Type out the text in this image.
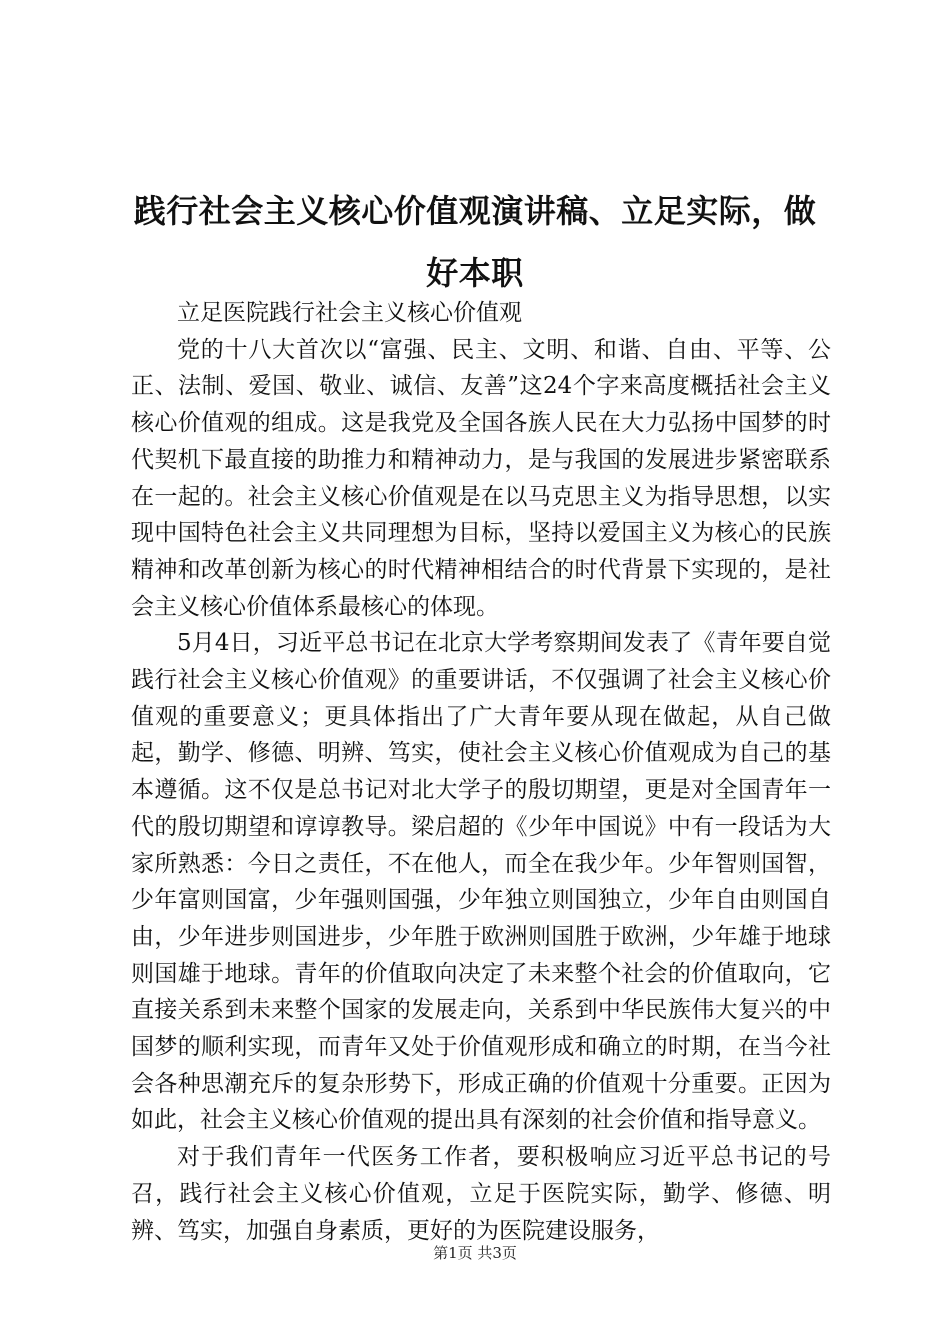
践行社会主义核心价值观演讲稿、立足实际，做好本职

立足医院践行社会主义核心价值观

党的十八大首次以“富强、民主、文明、和谐、自由、平等、公正、法制、爱国、敬业、诚信、友善”这24个字来高度概括社会主义核心价值观的组成。这是我党及全国各族人民在大力弘扬中国梦的时代契机下最直接的助推力和精神动力，是与我国的发展进步紧密联系在一起的。社会主义核心价值观是在以马克思主义为指导思想，以实现中国特色社会主义共同理想为目标，坚持以爱国主义为核心的民族精神和改革创新为核心的时代精神相结合的时代背景下实现的，是社会主义核心价值体系最核心的体现。

5月4日，习近平总书记在北京大学考察期间发表了《青年要自觉践行社会主义核心价值观》的重要讲话，不仅强调了社会主义核心价值观的重要意义；更具体指出了广大青年要从现在做起，从自己做起，勤学、修德、明辨、笃实，使社会主义核心价值观成为自己的基本遵循。这不仅是总书记对北大学子的殷切期望，更是对全国青年一代的殷切期望和谆谆教导。梁启超的《少年中国说》中有一段话为大家所熟悉：今日之责任，不在他人，而全在我少年。少年智则国智，少年富则国富，少年强则国强，少年独立则国独立，少年自由则国自由，少年进步则国进步，少年胜于欧洲则国胜于欧洲，少年雄于地球则国雄于地球。青年的价值取向决定了未来整个社会的价值取向，它直接关系到未来整个国家的发展走向，关系到中华民族伟大复兴的中国梦的顺利实现，而青年又处于价值观形成和确立的时期，在当今社会各种思潮充斥的复杂形势下，形成正确的价值观十分重要。正因为如此，社会主义核心价值观的提出具有深刻的社会价值和指导意义。

对于我们青年一代医务工作者，要积极响应习近平总书记的号召，践行社会主义核心价值观，立足于医院实际，勤学、修德、明辨、笃实，加强自身素质，更好的为医院建设服务，

第1页 共3页
